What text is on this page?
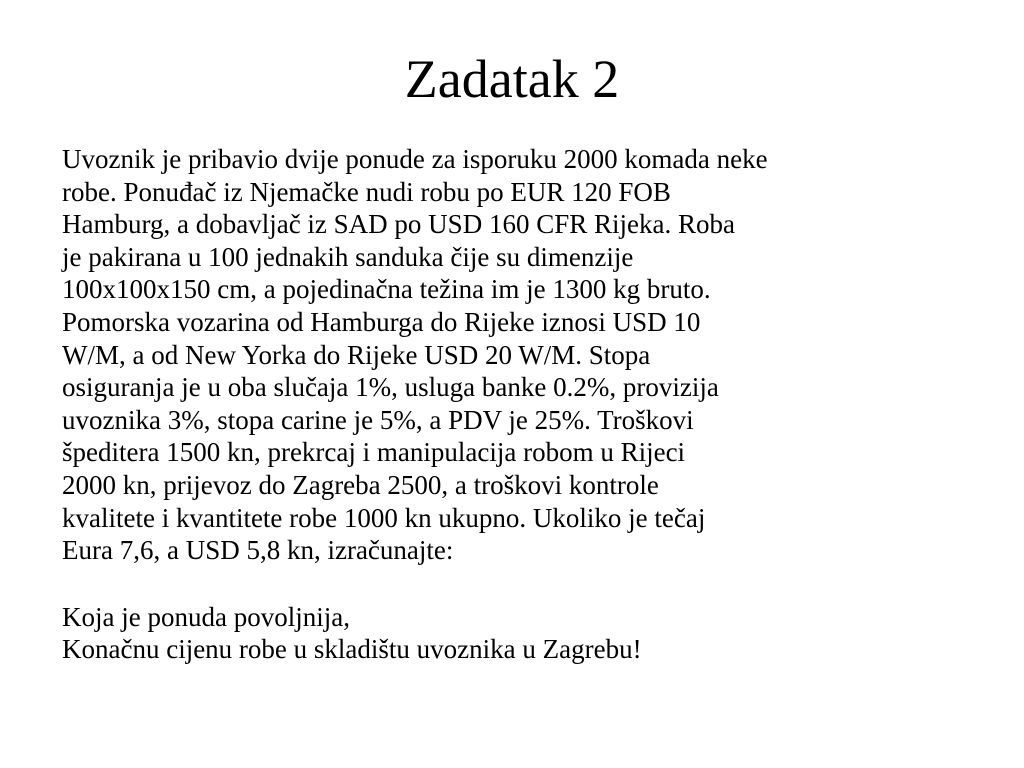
Zadatak 2

Uvoznik je pribavio dvije ponude za isporuku 2000 komada neke
robe. Ponuđač iz Njemačke nudi robu po EUR 120 FOB
Hamburg, a dobavljač iz SAD po USD 160 CFR Rijeka. Roba
je pakirana u 100 jednakih sanduka čije su dimenzije
100x100x150 cm, a pojedinačna težina im je 1300 kg bruto.
Pomorska vozarina od Hamburga do Rijeke iznosi USD 10
W/M, a od New Yorka do Rijeke USD 20 W/M. Stopa
osiguranja je u oba slučaja 1%, usluga banke 0.2%, provizija
uvoznika 3%, stopa carine je 5%, a PDV je 25%. Troškovi
špeditera 1500 kn, prekrcaj i manipulacija robom u Rijeci
2000 kn, prijevoz do Zagreba 2500, a troškovi kontrole
kvalitete i kvantitete robe 1000 kn ukupno. Ukoliko je tečaj
Eura 7,6, a USD 5,8 kn, izračunajte:

Koja je ponuda povoljnija,

Konačnu cijenu robe u skladištu uvoznika u Zagrebu!
